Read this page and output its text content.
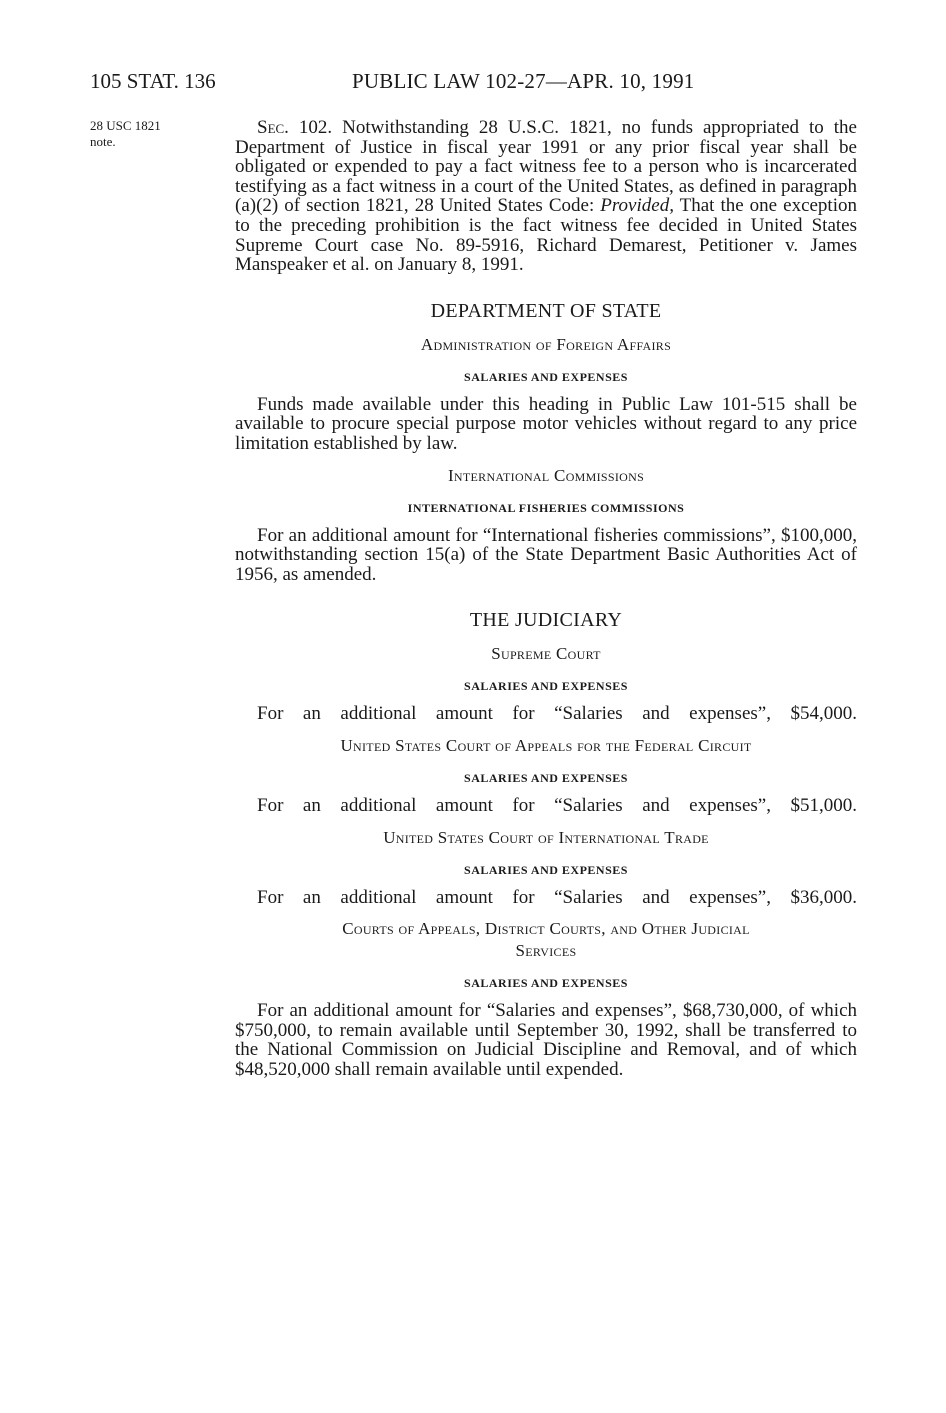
105 STAT. 136	PUBLIC LAW 102-27—APR. 10, 1991
28 USC 1821
note.

Sec. 102. Notwithstanding 28 U.S.C. 1821, no funds appropriated to the Department of Justice in fiscal year 1991 or any prior fiscal year shall be obligated or expended to pay a fact witness fee to a person who is incarcerated testifying as a fact witness in a court of the United States, as defined in paragraph (a)(2) of section 1821, 28 United States Code: Provided, That the one exception to the preceding prohibition is the fact witness fee decided in United States Supreme Court case No. 89-5916, Richard Demarest, Petitioner v. James Manspeaker et al. on January 8, 1991.

DEPARTMENT OF STATE
Administration of Foreign Affairs
SALARIES AND EXPENSES

Funds made available under this heading in Public Law 101-515 shall be available to procure special purpose motor vehicles without regard to any price limitation established by law.

International Commissions
INTERNATIONAL FISHERIES COMMISSIONS

For an additional amount for “International fisheries commissions”, $100,000, notwithstanding section 15(a) of the State Department Basic Authorities Act of 1956, as amended.

THE JUDICIARY
Supreme Court
SALARIES AND EXPENSES

For an additional amount for “Salaries and expenses”, $54,000.

United States Court of Appeals for the Federal Circuit
SALARIES AND EXPENSES

For an additional amount for “Salaries and expenses”, $51,000.

United States Court of International Trade
SALARIES AND EXPENSES

For an additional amount for “Salaries and expenses”, $36,000.

Courts of Appeals, District Courts, and Other Judicial
Services
SALARIES AND EXPENSES

For an additional amount for “Salaries and expenses”, $68,730,000, of which $750,000, to remain available until September 30, 1992, shall be transferred to the National Commission on Judicial Discipline and Removal, and of which $48,520,000 shall remain available until expended.
